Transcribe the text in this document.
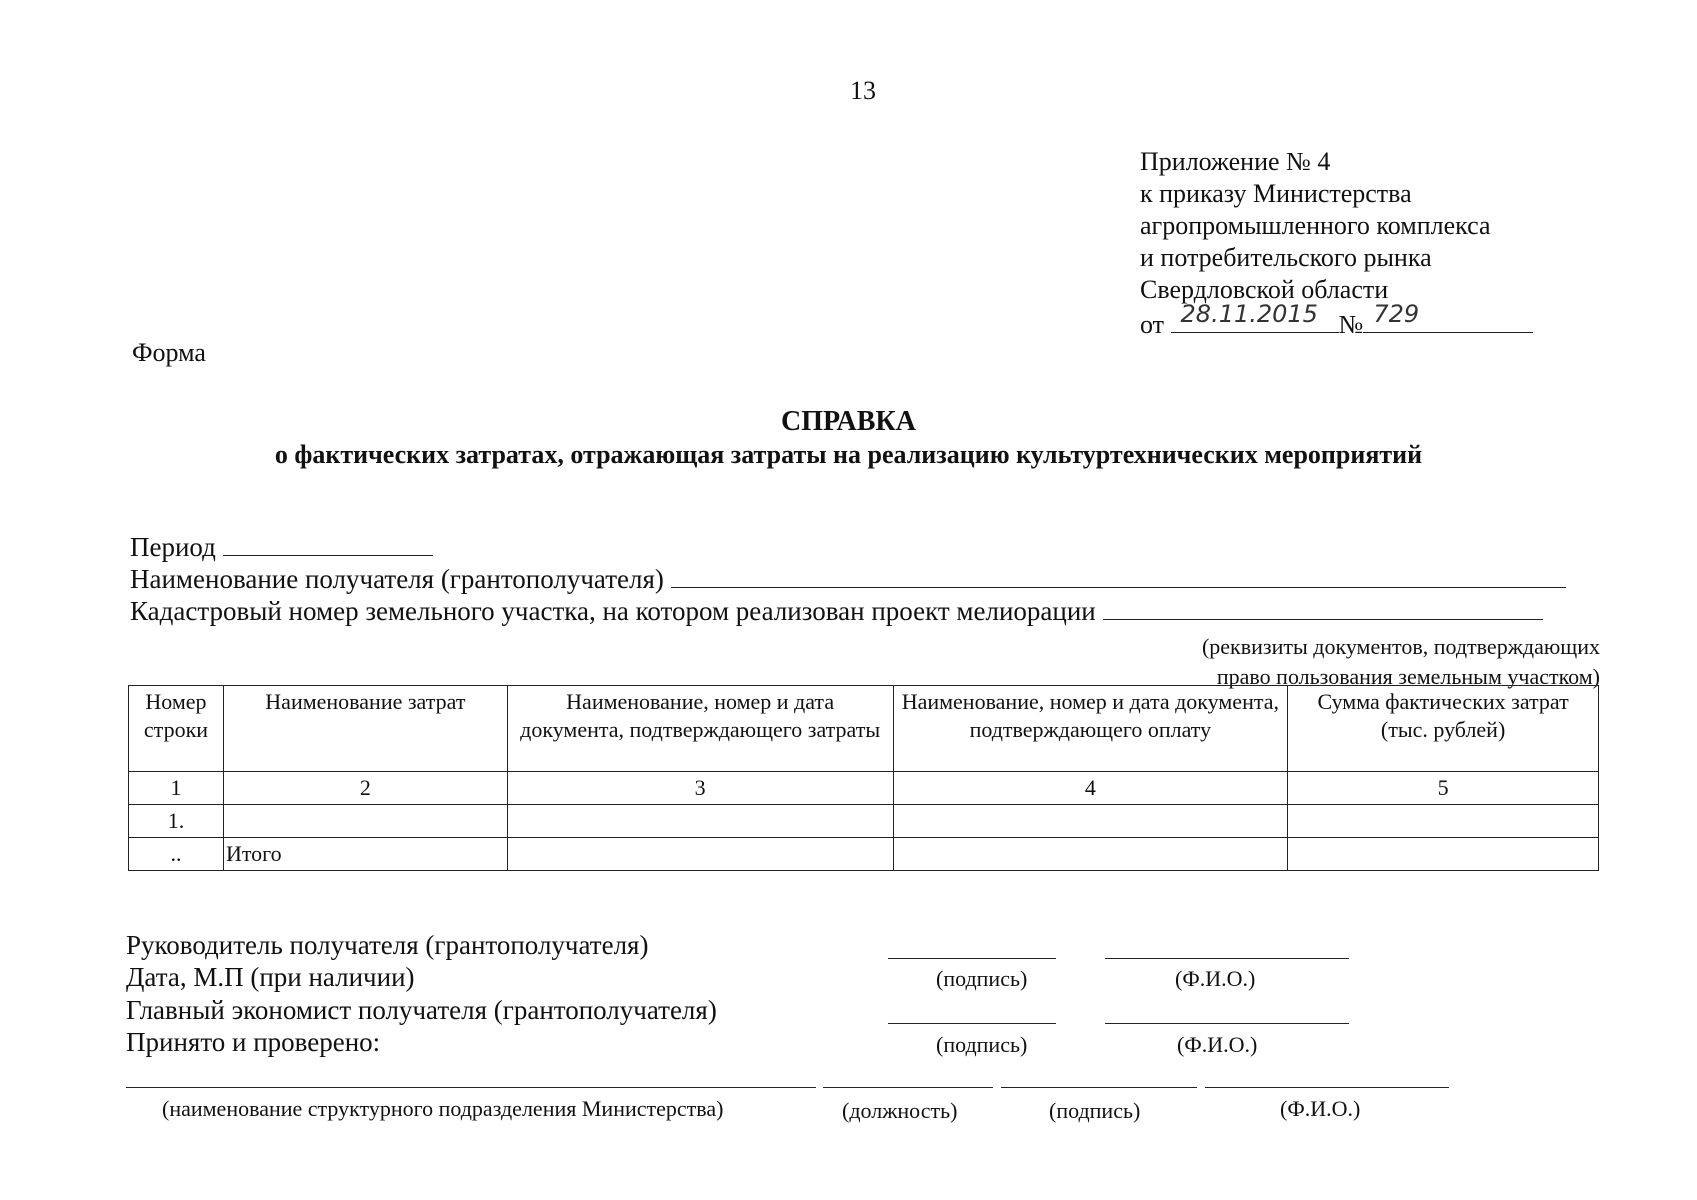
13
Приложение № 4
к приказу Министерства
агропромышленного комплекса
и потребительского рынка
Свердловской области
от 28.11.2015 № 729
Форма
СПРАВКА
о фактических затратах, отражающая затраты на реализацию культуртехнических мероприятий
Период
Наименование получателя (грантополучателя)
Кадастровый номер земельного участка, на котором реализован проект мелиорации
(реквизиты документов, подтверждающих
право пользования земельным участком)
Номер строки	Наименование затрат	Наименование, номер и дата документа, подтверждающего затраты	Наименование, номер и дата документа, подтверждающего оплату	Сумма фактических затрат (тыс. рублей)
1	2	3	4	5
1.				
..	Итого			
Руководитель получателя (грантополучателя)
Дата, М.П (при наличии)
Главный экономист получателя (грантополучателя)
Принято и проверено:
(подпись)	(Ф.И.О.)
(подпись)	(Ф.И.О.)
(наименование структурного подразделения Министерства)	(должность)	(подпись)	(Ф.И.О.)
